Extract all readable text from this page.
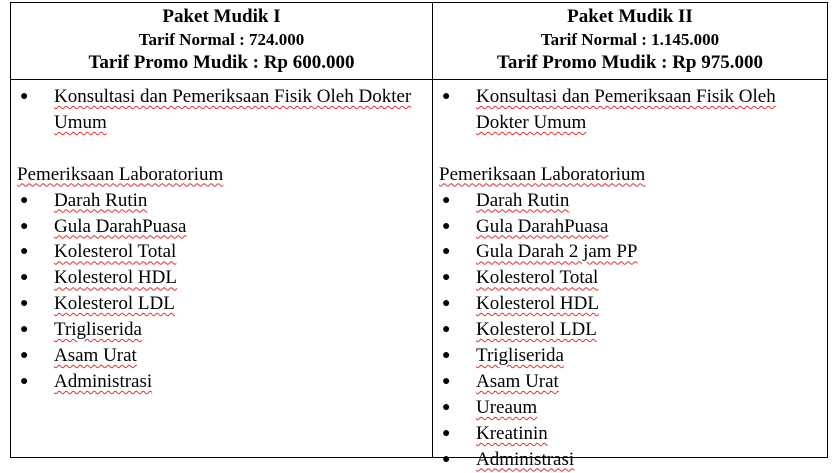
Paket Mudik I
Tarif Normal : 724.000
Tarif Promo Mudik : Rp 600.000
● Konsultasi dan Pemeriksaan Fisik Oleh Dokter Umum
Pemeriksaan Laboratorium
● Darah Rutin
● Gula DarahPuasa
● Kolesterol Total
● Kolesterol HDL
● Kolesterol LDL
● Trigliserida
● Asam Urat
● Administrasi
Paket Mudik II
Tarif Normal : 1.145.000
Tarif Promo Mudik : Rp 975.000
● Konsultasi dan Pemeriksaan Fisik Oleh Dokter Umum
Pemeriksaan Laboratorium
● Darah Rutin
● Gula DarahPuasa
● Gula Darah 2 jam PP
● Kolesterol Total
● Kolesterol HDL
● Kolesterol LDL
● Trigliserida
● Asam Urat
● Ureaum
● Kreatinin
● Administrasi
